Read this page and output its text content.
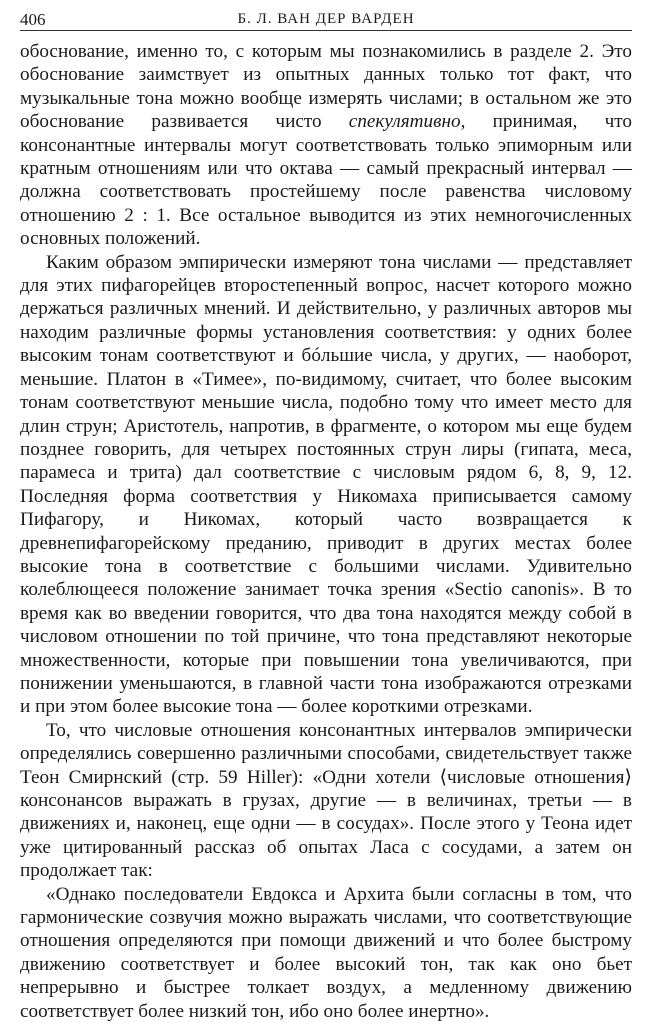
406	Б. Л. ВАН ДЕР ВАРДЕН

обоснование, именно то, с которым мы познакомились в разделе 2. Это обоснование заимствует из опытных данных только тот факт, что музыкальные тона можно вообще измерять числами; в остальном же это обоснование развивается чисто спекулятивно, принимая, что консонантные интервалы могут соответствовать только эпиморным или кратным отношениям или что октава — самый прекрасный интервал — должна соответствовать простейшему после равенства числовому отношению 2 : 1. Все остальное выводится из этих немногочисленных основных положений.

Каким образом эмпирически измеряют тона числами — представляет для этих пифагорейцев второстепенный вопрос, насчет которого можно держаться различных мнений. И действительно, у различных авторов мы находим различные формы установления соответствия: у одних более высоким тонам соответствуют и бóльшие числа, у других, — наоборот, меньшие. Платон в «Тимее», по-видимому, считает, что более высоким тонам соответствуют меньшие числа, подобно тому что имеет место для длин струн; Аристотель, напротив, в фрагменте, о котором мы еще будем позднее говорить, для четырех постоянных струн лиры (гипата, меса, парамеса и трита) дал соответствие с числовым рядом 6, 8, 9, 12. Последняя форма соответствия у Никомаха приписывается самому Пифагору, и Никомах, который часто возвращается к древнепифагорейскому преданию, приводит в других местах более высокие тона в соответствие с большими числами. Удивительно колеблющееся положение занимает точка зрения «Sectio canonis». В то время как во введении говорится, что два тона находятся между собой в числовом отношении по той причине, что тона представляют некоторые множественности, которые при повышении тона увеличиваются, при понижении уменьшаются, в главной части тона изображаются отрезками и при этом более высокие тона — более короткими отрезками.

То, что числовые отношения консонантных интервалов эмпирически определялись совершенно различными способами, свидетельствует также Теон Смирнский (стр. 59 Hiller): «Одни хотели ⟨числовые отношения⟩ консонансов выражать в грузах, другие — в величинах, третьи — в движениях и, наконец, еще одни — в сосудах». После этого у Теона идет уже цитированный рассказ об опытах Ласа с сосудами, а затем он продолжает так:

«Однако последователи Евдокса и Архита были согласны в том, что гармонические созвучия можно выражать числами, что соответствующие отношения определяются при помощи движений и что более быстрому движению соответствует и более высокий тон, так как оно бьет непрерывно и быстрее толкает воздух, а медленному движению соответствует более низкий тон, ибо оно более инертно».
